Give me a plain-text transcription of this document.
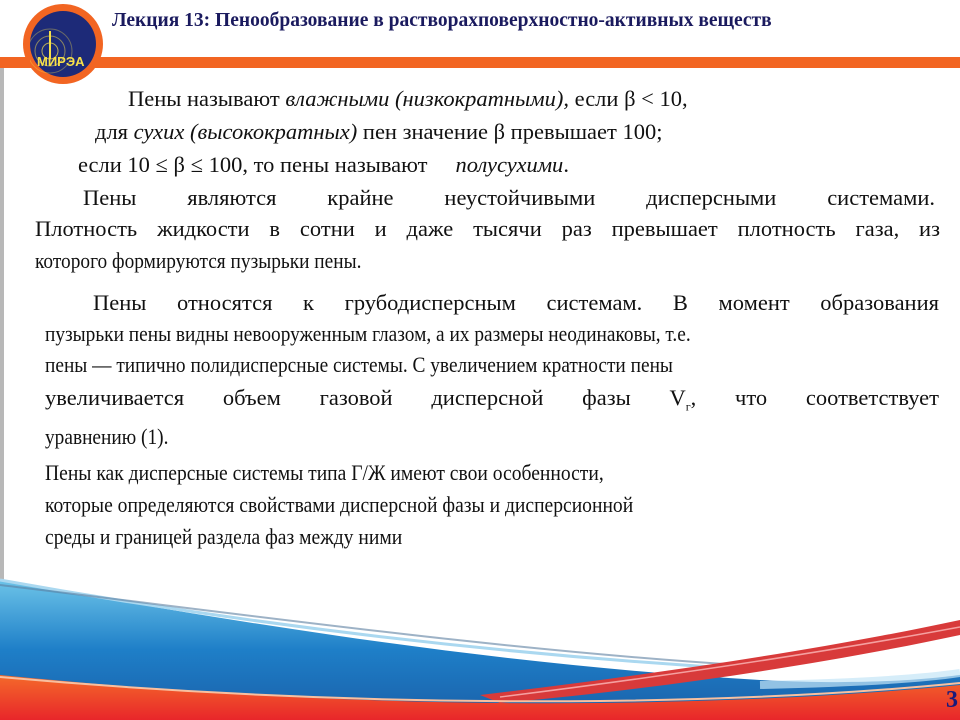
МИРЭА
Лекция 13: Пенообразование в растворахповерхностно-активных веществ
Пены называют влажными (низкократными), если β < 10,
для сухих (высокократных) пен значение β превышает 100;
если 10 ≤ β ≤ 100, то пены называют полусухими.
Пены являются крайне неустойчивыми дисперсными системами.
Плотность жидкости в сотни и даже тысячи раз превышает плотность газа, из
которого формируются пузырьки пены.
Пены относятся к грубодисперсным системам. В момент образования
пузырьки пены видны невооруженным глазом, а их размеры неодинаковы, т.е.
пены — типично полидисперсные системы. С увеличением кратности пены
увеличивается объем газовой дисперсной фазы $V_г$, что соответствует
уравнению (1).
Пены как дисперсные системы типа Г/Ж имеют свои особенности,
которые определяются свойствами дисперсной фазы и дисперсионной
среды и границей раздела фаз между ними
3
